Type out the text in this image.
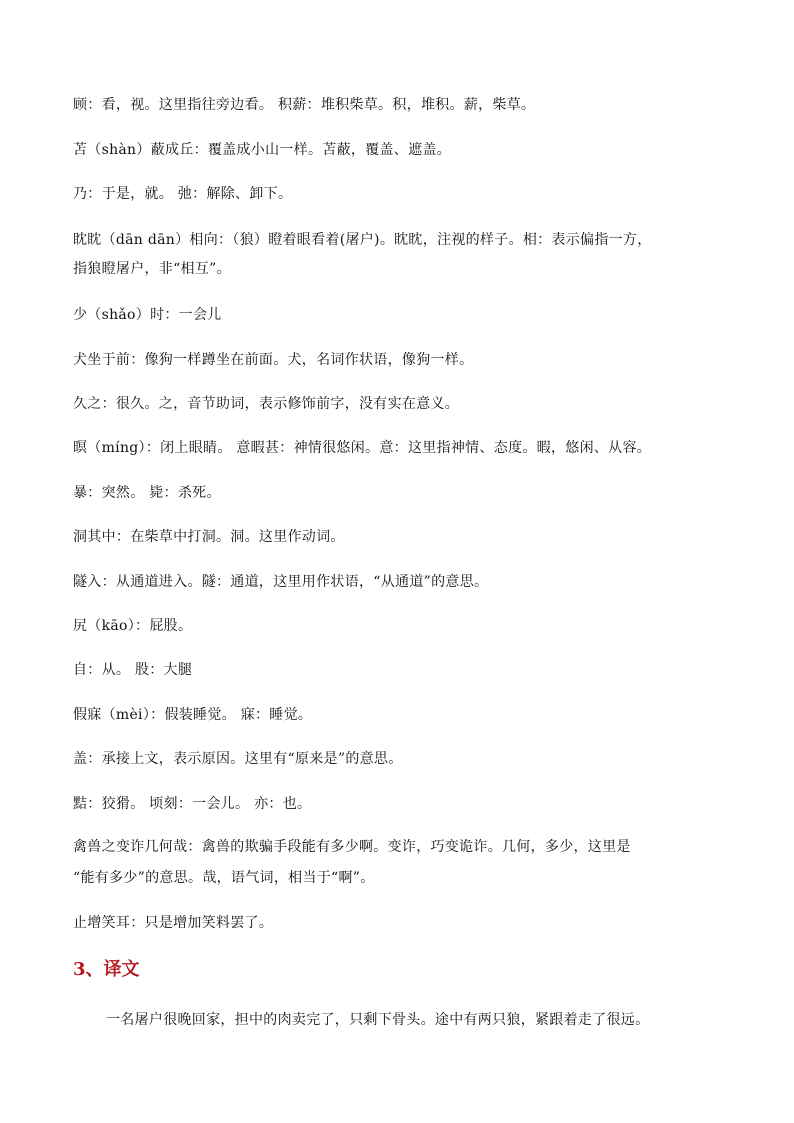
顾：看，视。这里指往旁边看。 积薪：堆积柴草。积，堆积。薪，柴草。
苫（shàn）蔽成丘：覆盖成小山一样。苫蔽，覆盖、遮盖。
乃：于是，就。 弛：解除、卸下。
眈眈（dān dān）相向：（狼）瞪着眼看着(屠户)。眈眈，注视的样子。相：表示偏指一方，
指狼瞪屠户，非“相互”。
少（shǎo）时：一会儿
犬坐于前：像狗一样蹲坐在前面。犬，名词作状语，像狗一样。
久之：很久。之，音节助词，表示修饰前字，没有实在意义。
暝（míng）：闭上眼睛。 意暇甚：神情很悠闲。意：这里指神情、态度。暇，悠闲、从容。
暴：突然。 毙：杀死。
洞其中：在柴草中打洞。洞。这里作动词。
隧入：从通道进入。隧：通道，这里用作状语，“从通道”的意思。
尻（kāo）：屁股。
自：从。 股：大腿
假寐（mèi）：假装睡觉。 寐：睡觉。
盖：承接上文，表示原因。这里有“原来是”的意思。
黠：狡猾。 顷刻：一会儿。 亦：也。
禽兽之变诈几何哉：禽兽的欺骗手段能有多少啊。变诈，巧变诡诈。几何，多少，这里是
“能有多少”的意思。哉，语气词，相当于“啊”。
止增笑耳：只是增加笑料罢了。
3、译文
一名屠户很晚回家，担中的肉卖完了，只剩下骨头。途中有两只狼，紧跟着走了很远。
